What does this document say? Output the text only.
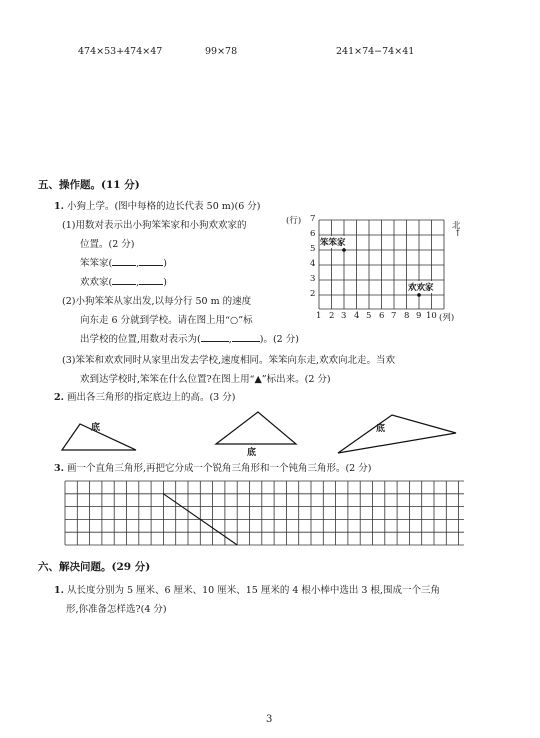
474×53+474×47	99×78	241×74−74×41
五、操作题。(11 分)
1. 小狗上学。(图中每格的边长代表 50 m)(6 分)
(1)用数对表示出小狗笨笨家和小狗欢欢家的
位置。(2 分)
笨笨家(	,	)
欢欢家(	,	)
(2)小狗笨笨从家出发,以每分行 50 m 的速度
向东走 6 分就到学校。请在图上用“○”标
出学校的位置,用数对表示为(	,	)。(2 分)
(3)笨笨和欢欢同时从家里出发去学校,速度相同。笨笨向东走,欢欢向北走。当欢
欢到达学校时,笨笨在什么位置?在图上用“▲”标出来。(2 分)
(行) 7
6
5
4
3
2
笨笨家
欢欢家
北
↑
1 2 3 4 5 6 7 8 9 10 (列)
2. 画出各三角形的指定底边上的高。(3 分)
底
底
底
3. 画一个直角三角形,再把它分成一个锐角三角形和一个钝角三角形。(2 分)
六、解决问题。(29 分)
1. 从长度分别为 5 厘米、6 厘米、10 厘米、15 厘米的 4 根小棒中选出 3 根,围成一个三角
形,你准备怎样选?(4 分)
3
